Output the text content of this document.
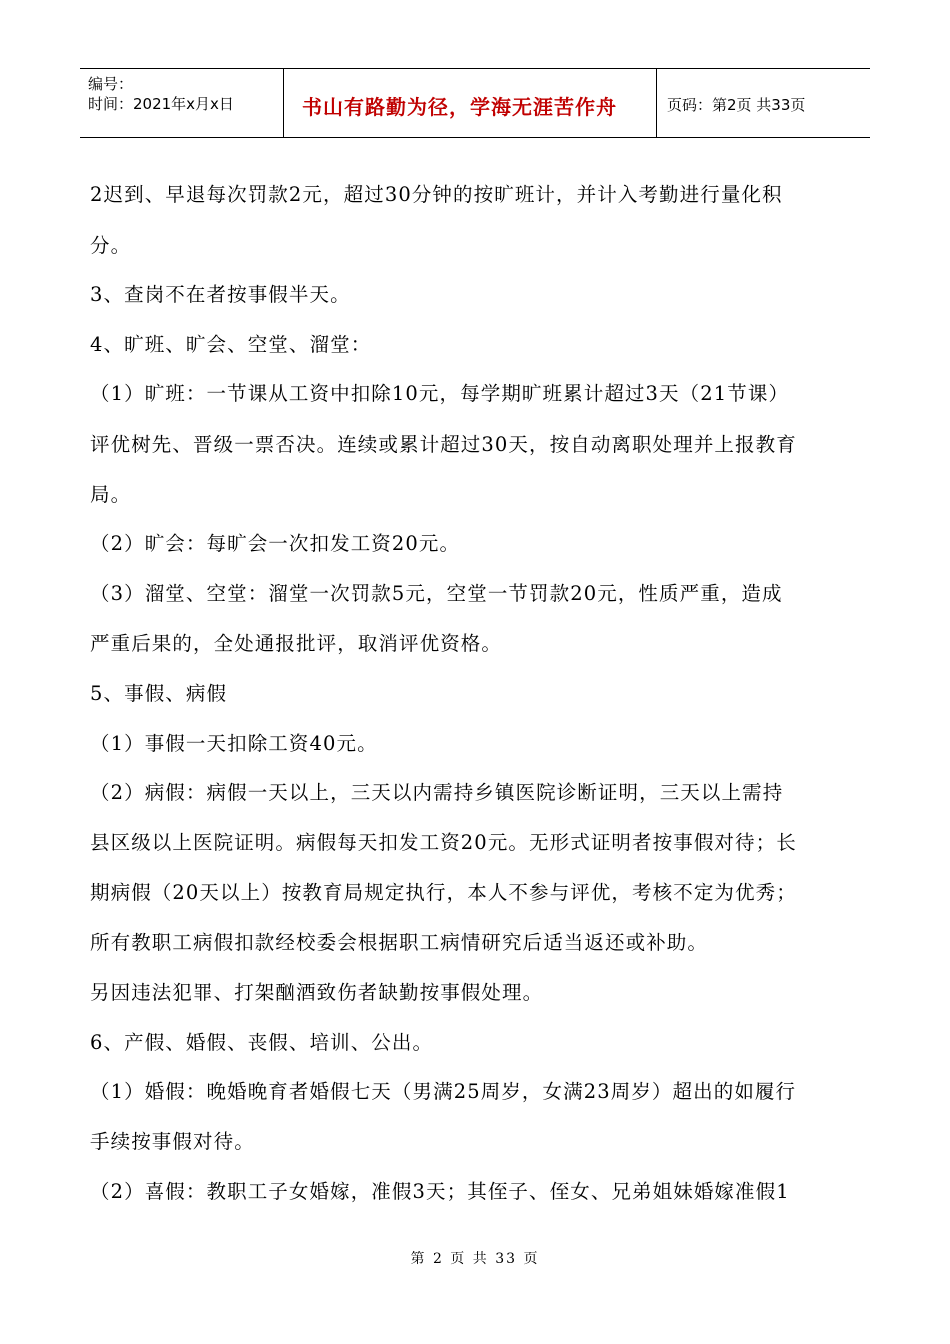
编号：
时间：2021年x月x日	书山有路勤为径，学海无涯苦作舟	页码：第2页 共33页
2迟到、早退每次罚款2元，超过30分钟的按旷班计，并计入考勤进行量化积
分。
3、查岗不在者按事假半天。
4、旷班、旷会、空堂、溜堂：
（1）旷班：一节课从工资中扣除10元，每学期旷班累计超过3天（21节课）
评优树先、晋级一票否决。连续或累计超过30天，按自动离职处理并上报教育
局。
（2）旷会：每旷会一次扣发工资20元。
（3）溜堂、空堂：溜堂一次罚款5元，空堂一节罚款20元，性质严重，造成
严重后果的，全处通报批评，取消评优资格。
5、事假、病假
（1）事假一天扣除工资40元。
（2）病假：病假一天以上，三天以内需持乡镇医院诊断证明，三天以上需持
县区级以上医院证明。病假每天扣发工资20元。无形式证明者按事假对待；长
期病假（20天以上）按教育局规定执行，本人不参与评优，考核不定为优秀；
所有教职工病假扣款经校委会根据职工病情研究后适当返还或补助。
另因违法犯罪、打架酗酒致伤者缺勤按事假处理。
6、产假、婚假、丧假、培训、公出。
（1）婚假：晚婚晚育者婚假七天（男满25周岁，女满23周岁）超出的如履行
手续按事假对待。
（2）喜假：教职工子女婚嫁，准假3天；其侄子、侄女、兄弟姐妹婚嫁准假1
第 2 页 共 33 页
